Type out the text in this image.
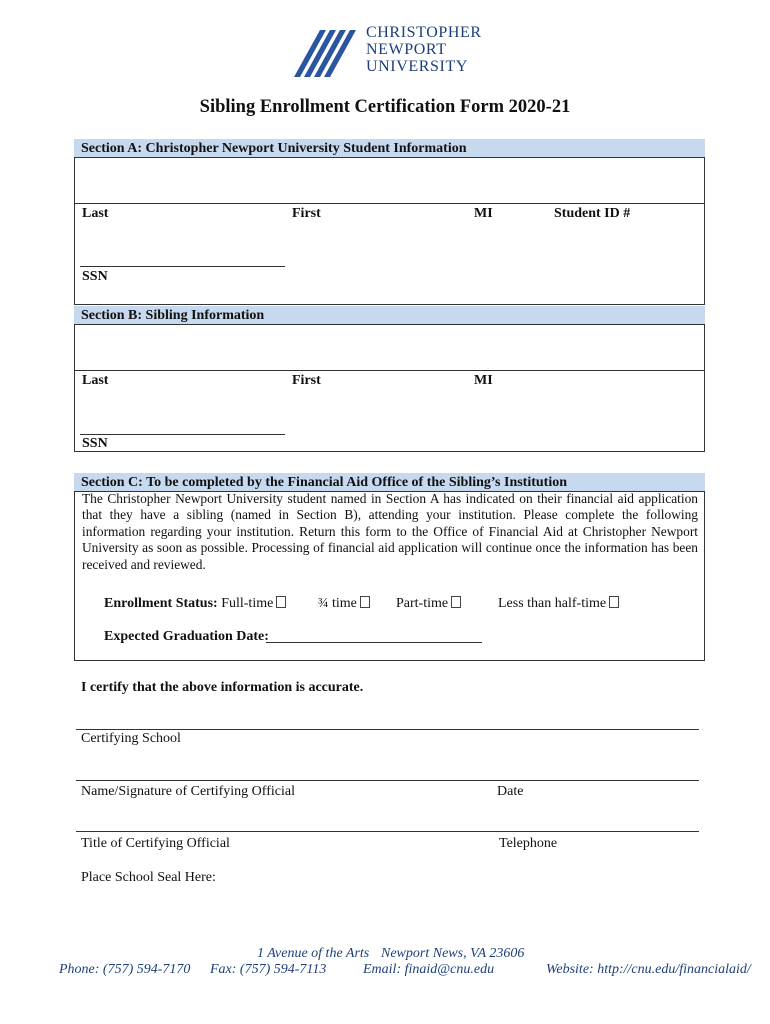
CHRISTOPHER
NEWPORT
UNIVERSITY
Sibling Enrollment Certification Form 2020-21
Section A: Christopher Newport University Student Information
Last	First	MI	Student ID #
SSN
Section B: Sibling Information
Last	First	MI
SSN
Section C: To be completed by the Financial Aid Office of the Sibling’s Institution
The Christopher Newport University student named in Section A has indicated on their financial aid application that they have a sibling (named in Section B), attending your institution. Please complete the following information regarding your institution. Return this form to the Office of Financial Aid at Christopher Newport University as soon as possible. Processing of financial aid application will continue once the information has been received and reviewed.
Enrollment Status: Full-time	¾ time	Part-time	Less than half-time
Expected Graduation Date:
I certify that the above information is accurate.
Certifying School
Name/Signature of Certifying Official	Date
Title of Certifying Official	Telephone
Place School Seal Here:
1 Avenue of the Arts Newport News, VA 23606
Phone: (757) 594-7170 Fax: (757) 594-7113	Email: finaid@cnu.edu	Website: http://cnu.edu/financialaid/
